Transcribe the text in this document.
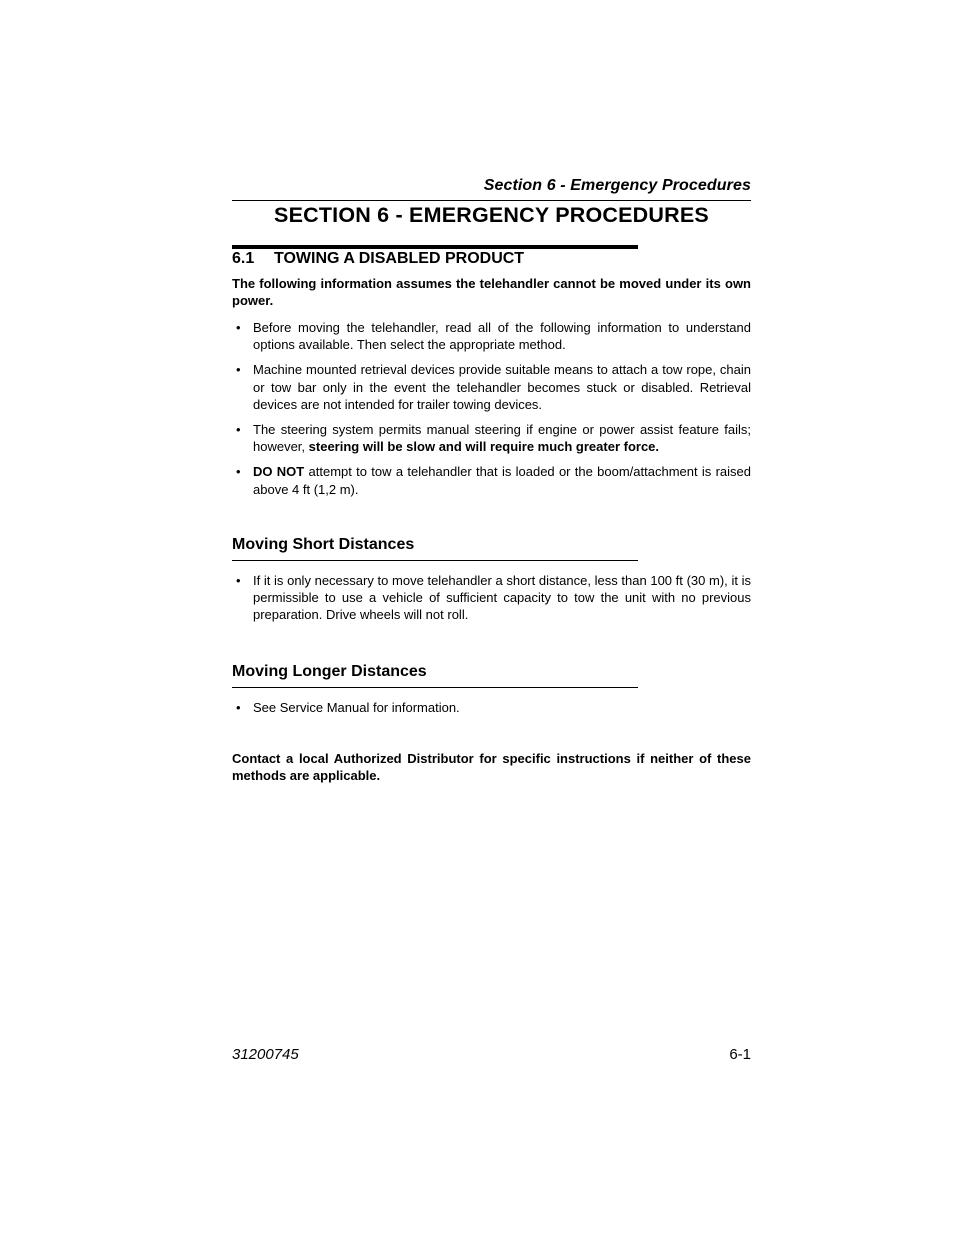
Section 6 - Emergency Procedures
SECTION 6 - EMERGENCY PROCEDURES
6.1 TOWING A DISABLED PRODUCT
The following information assumes the telehandler cannot be moved under its own power.
• Before moving the telehandler, read all of the following information to understand options available. Then select the appropriate method.
• Machine mounted retrieval devices provide suitable means to attach a tow rope, chain or tow bar only in the event the telehandler becomes stuck or disabled. Retrieval devices are not intended for trailer towing devices.
• The steering system permits manual steering if engine or power assist feature fails; however, steering will be slow and will require much greater force.
• DO NOT attempt to tow a telehandler that is loaded or the boom/attachment is raised above 4 ft (1,2 m).
Moving Short Distances
• If it is only necessary to move telehandler a short distance, less than 100 ft (30 m), it is permissible to use a vehicle of sufficient capacity to tow the unit with no previous preparation. Drive wheels will not roll.
Moving Longer Distances
• See Service Manual for information.
Contact a local Authorized Distributor for specific instructions if neither of these methods are applicable.
31200745	6-1
